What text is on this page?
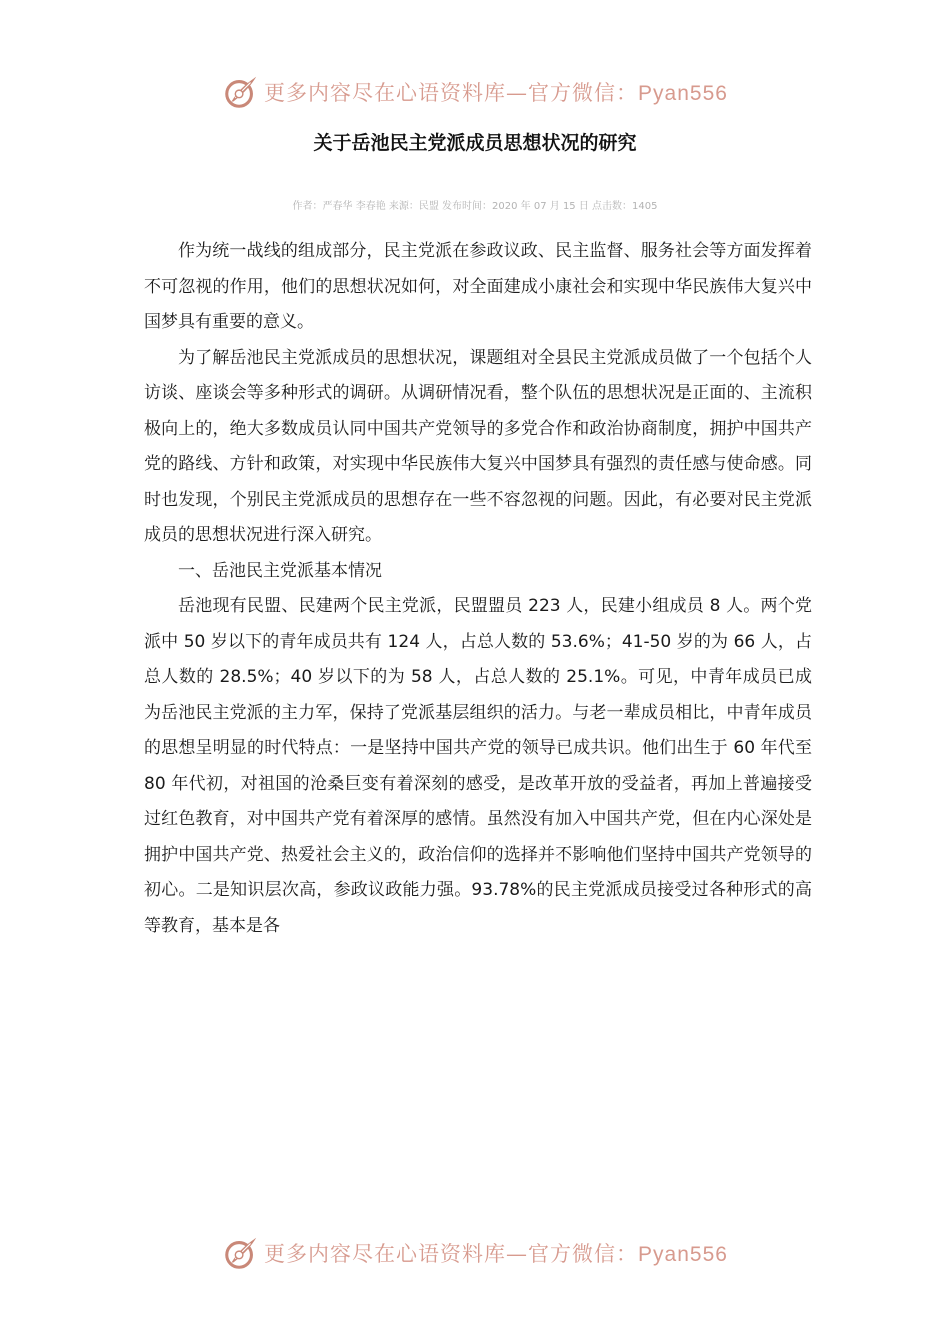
更多内容尽在心语资料库—官方微信：Pyan556
关于岳池民主党派成员思想状况的研究
作者：严春华 李春艳 来源：民盟 发布时间：2020 年 07 月 15 日 点击数：1405

作为统一战线的组成部分，民主党派在参政议政、民主监督、服务社会等方面发挥着不可忽视的作用，他们的思想状况如何，对全面建成小康社会和实现中华民族伟大复兴中国梦具有重要的意义。

为了解岳池民主党派成员的思想状况，课题组对全县民主党派成员做了一个包括个人访谈、座谈会等多种形式的调研。从调研情况看，整个队伍的思想状况是正面的、主流积极向上的，绝大多数成员认同中国共产党领导的多党合作和政治协商制度，拥护中国共产党的路线、方针和政策，对实现中华民族伟大复兴中国梦具有强烈的责任感与使命感。同时也发现，个别民主党派成员的思想存在一些不容忽视的问题。因此，有必要对民主党派成员的思想状况进行深入研究。

一、岳池民主党派基本情况

岳池现有民盟、民建两个民主党派，民盟盟员 223 人，民建小组成员 8 人。两个党派中 50 岁以下的青年成员共有 124 人，占总人数的 53.6%；41-50 岁的为 66 人，占总人数的 28.5%；40 岁以下的为 58 人，占总人数的 25.1%。可见，中青年成员已成为岳池民主党派的主力军，保持了党派基层组织的活力。与老一辈成员相比，中青年成员的思想呈明显的时代特点：一是坚持中国共产党的领导已成共识。他们出生于 60 年代至 80 年代初，对祖国的沧桑巨变有着深刻的感受，是改革开放的受益者，再加上普遍接受过红色教育，对中国共产党有着深厚的感情。虽然没有加入中国共产党，但在内心深处是拥护中国共产党、热爱社会主义的，政治信仰的选择并不影响他们坚持中国共产党领导的初心。二是知识层次高，参政议政能力强。93.78%的民主党派成员接受过各种形式的高等教育，基本是各

更多内容尽在心语资料库—官方微信：Pyan556
